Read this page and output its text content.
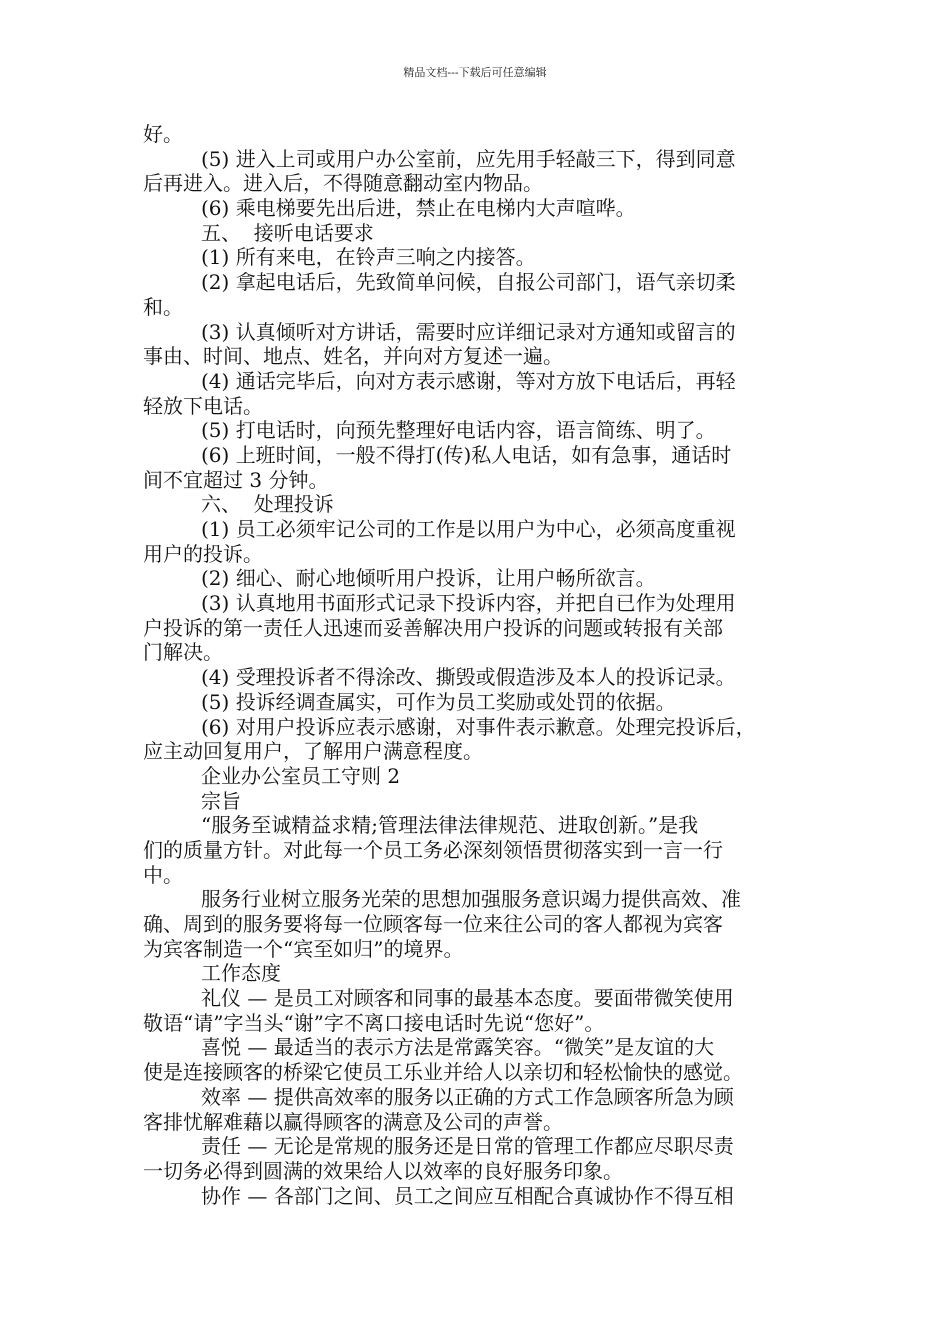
精品文档---下载后可任意编辑
好。
(5) 进入上司或用户办公室前，应先用手轻敲三下，得到同意
后再进入。进入后，不得随意翻动室内物品。
(6) 乘电梯要先出后进，禁止在电梯内大声喧哗。
五、  接听电话要求
(1) 所有来电，在铃声三响之内接答。
(2) 拿起电话后，先致简单问候，自报公司部门，语气亲切柔
和。
(3) 认真倾听对方讲话，需要时应详细记录对方通知或留言的
事由、时间、地点、姓名，并向对方复述一遍。
(4) 通话完毕后，向对方表示感谢，等对方放下电话后，再轻
轻放下电话。
(5) 打电话时，向预先整理好电话内容，语言简练、明了。
(6) 上班时间，一般不得打(传)私人电话，如有急事，通话时
间不宜超过 3 分钟。
六、  处理投诉
(1) 员工必须牢记公司的工作是以用户为中心，必须高度重视
用户的投诉。
(2) 细心、耐心地倾听用户投诉，让用户畅所欲言。
(3) 认真地用书面形式记录下投诉内容，并把自已作为处理用
户投诉的第一责任人迅速而妥善解决用户投诉的问题或转报有关部
门解决。
(4) 受理投诉者不得涂改、撕毁或假造涉及本人的投诉记录。
(5) 投诉经调查属实，可作为员工奖励或处罚的依据。
(6) 对用户投诉应表示感谢，对事件表示歉意。处理完投诉后，
应主动回复用户，了解用户满意程度。
企业办公室员工守则 2
宗旨
“服务至诚精益求精;管理法律法律规范、进取创新。”是我
们的质量方针。对此每一个员工务必深刻领悟贯彻落实到一言一行
中。
服务行业树立服务光荣的思想加强服务意识竭力提供高效、准
确、周到的服务要将每一位顾客每一位来往公司的客人都视为宾客
为宾客制造一个“宾至如归”的境界。
工作态度
礼仪 — 是员工对顾客和同事的最基本态度。要面带微笑使用
敬语“请”字当头“谢”字不离口接电话时先说“您好”。
喜悦 — 最适当的表示方法是常露笑容。“微笑”是友谊的大
使是连接顾客的桥梁它使员工乐业并给人以亲切和轻松愉快的感觉。
效率 — 提供高效率的服务以正确的方式工作急顾客所急为顾
客排忧解难藉以赢得顾客的满意及公司的声誉。
责任 — 无论是常规的服务还是日常的管理工作都应尽职尽责
一切务必得到圆满的效果给人以效率的良好服务印象。
协作 — 各部门之间、员工之间应互相配合真诚协作不得互相
